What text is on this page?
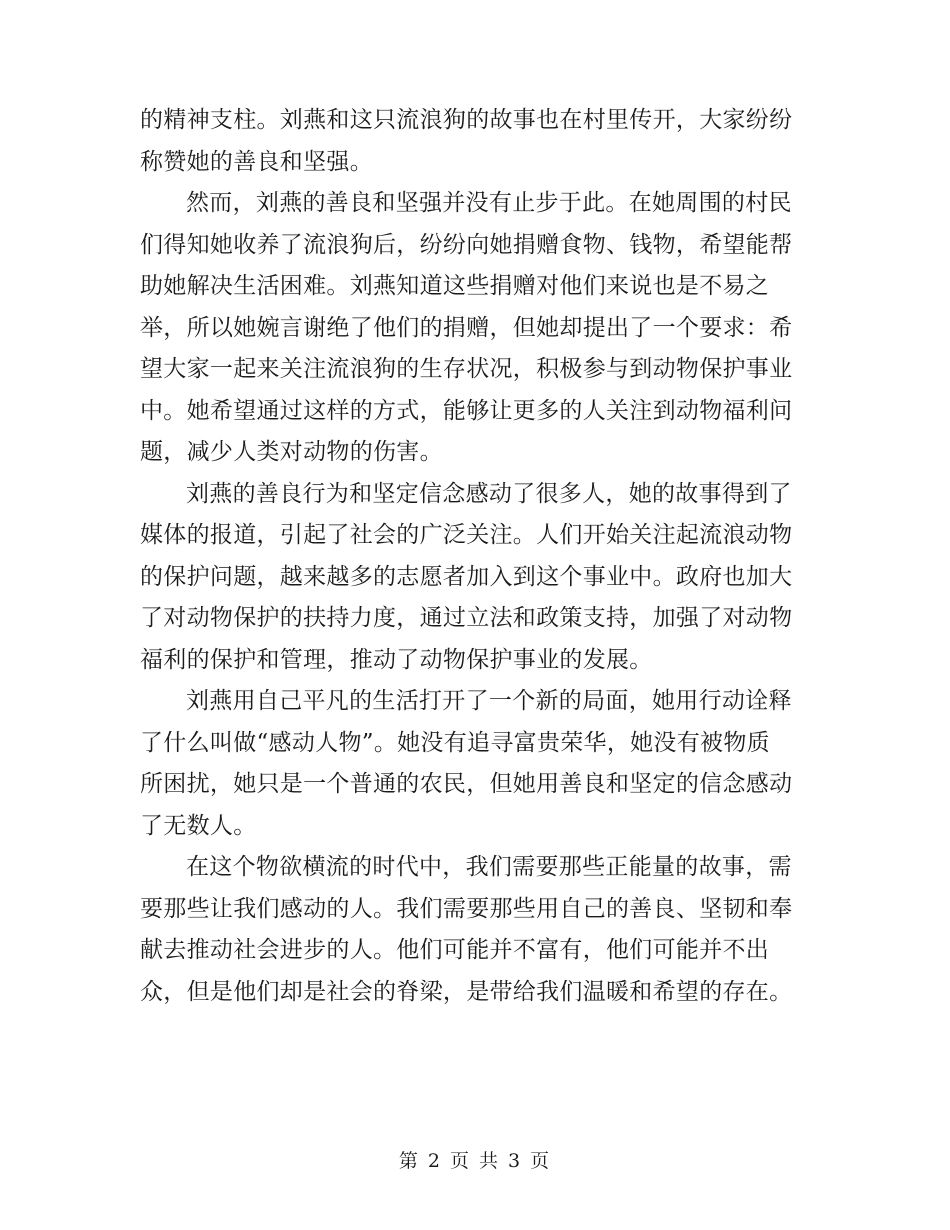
的精神支柱。刘燕和这只流浪狗的故事也在村里传开，大家纷纷
称赞她的善良和坚强。
然而，刘燕的善良和坚强并没有止步于此。在她周围的村民
们得知她收养了流浪狗后，纷纷向她捐赠食物、钱物，希望能帮
助她解决生活困难。刘燕知道这些捐赠对他们来说也是不易之
举，所以她婉言谢绝了他们的捐赠，但她却提出了一个要求：希
望大家一起来关注流浪狗的生存状况，积极参与到动物保护事业
中。她希望通过这样的方式，能够让更多的人关注到动物福利问
题，减少人类对动物的伤害。
刘燕的善良行为和坚定信念感动了很多人，她的故事得到了
媒体的报道，引起了社会的广泛关注。人们开始关注起流浪动物
的保护问题，越来越多的志愿者加入到这个事业中。政府也加大
了对动物保护的扶持力度，通过立法和政策支持，加强了对动物
福利的保护和管理，推动了动物保护事业的发展。
刘燕用自己平凡的生活打开了一个新的局面，她用行动诠释
了什么叫做“感动人物”。她没有追寻富贵荣华，她没有被物质
所困扰，她只是一个普通的农民，但她用善良和坚定的信念感动
了无数人。
在这个物欲横流的时代中，我们需要那些正能量的故事，需
要那些让我们感动的人。我们需要那些用自己的善良、坚韧和奉
献去推动社会进步的人。他们可能并不富有，他们可能并不出
众，但是他们却是社会的脊梁，是带给我们温暖和希望的存在。
第 2 页 共 3 页
